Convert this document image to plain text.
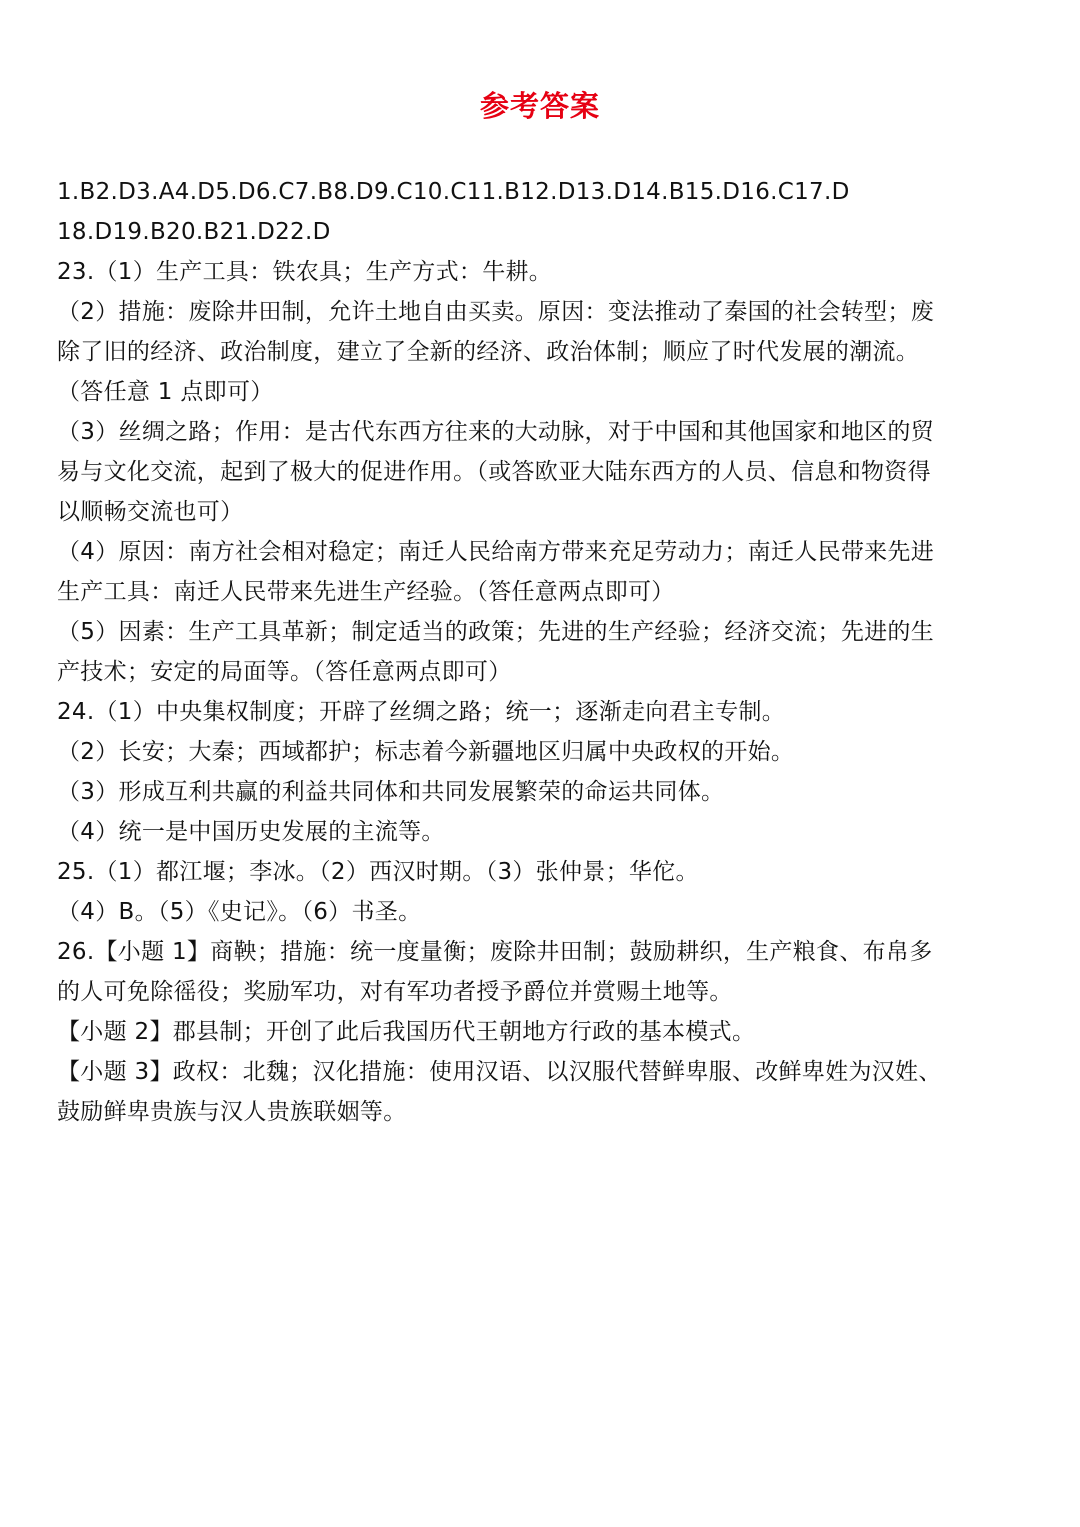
参考答案
1.B2.D3.A4.D5.D6.C7.B8.D9.C10.C11.B12.D13.D14.B15.D16.C17.D
18.D19.B20.B21.D22.D
23.（1）生产工具：铁农具；生产方式：牛耕。
（2）措施：废除井田制，允许土地自由买卖。原因：变法推动了秦国的社会转型；废
除了旧的经济、政治制度，建立了全新的经济、政治体制；顺应了时代发展的潮流。
（答任意 1 点即可）
（3）丝绸之路；作用：是古代东西方往来的大动脉，对于中国和其他国家和地区的贸
易与文化交流，起到了极大的促进作用。（或答欧亚大陆东西方的人员、信息和物资得
以顺畅交流也可）
（4）原因：南方社会相对稳定；南迁人民给南方带来充足劳动力；南迁人民带来先进
生产工具：南迁人民带来先进生产经验。（答任意两点即可）
（5）因素：生产工具革新；制定适当的政策；先进的生产经验；经济交流；先进的生
产技术；安定的局面等。（答任意两点即可）
24.（1）中央集权制度；开辟了丝绸之路；统一；逐渐走向君主专制。
（2）长安；大秦；西域都护；标志着今新疆地区归属中央政权的开始。
（3）形成互利共赢的利益共同体和共同发展繁荣的命运共同体。
（4）统一是中国历史发展的主流等。
25.（1）都江堰；李冰。（2）西汉时期。（3）张仲景；华佗。
（4）B。（5）《史记》。（6）书圣。
26.【小题 1】商鞅；措施：统一度量衡；废除井田制；鼓励耕织，生产粮食、布帛多
的人可免除徭役；奖励军功，对有军功者授予爵位并赏赐土地等。
【小题 2】郡县制；开创了此后我国历代王朝地方行政的基本模式。
【小题 3】政权：北魏；汉化措施：使用汉语、以汉服代替鲜卑服、改鲜卑姓为汉姓、
鼓励鲜卑贵族与汉人贵族联姻等。
